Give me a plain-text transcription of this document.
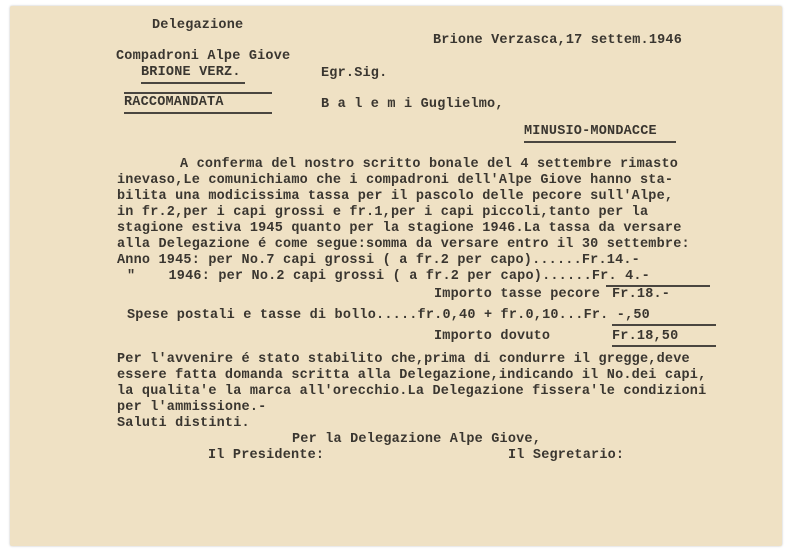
Delegazione
Compadroni Alpe Giove
BRIONE VERZ.
Brione Verzasca,17 settem.1946
Egr.Sig.
RACCOMANDATA	B a l e m i Guglielmo,
MINUSIO-MONDACCE
A conferma del nostro scritto bonale del 4 settembre rimasto
inevaso,Le comunichiamo che i compadroni dell'Alpe Giove hanno sta-
bilita una modicissima tassa per il pascolo delle pecore sull'Alpe,
in fr.2,per i capi grossi e fr.1,per i capi piccoli,tanto per la
stagione estiva 1945 quanto per la stagione 1946.La tassa da versare
alla Delegazione é come segue:somma da versare entro il 30 settembre:
Anno 1945: per No.7 capi grossi ( a fr.2 per capo)......Fr.14.-
"    1946: per No.2 capi grossi ( a fr.2 per capo)......Fr. 4.-
Importo tasse pecore Fr.18.-
Spese postali e tasse di bollo.....fr.0,40 + fr.0,10...Fr. -,50
Importo dovuto	Fr.18,50
Per l'avvenire é stato stabilito che,prima di condurre il gregge,deve
essere fatta domanda scritta alla Delegazione,indicando il No.dei capi,
la qualita'e la marca all'orecchio.La Delegazione fissera'le condizioni
per l'ammissione.-
Saluti distinti.
Per la Delegazione Alpe Giove,
Il Presidente:	Il Segretario:
